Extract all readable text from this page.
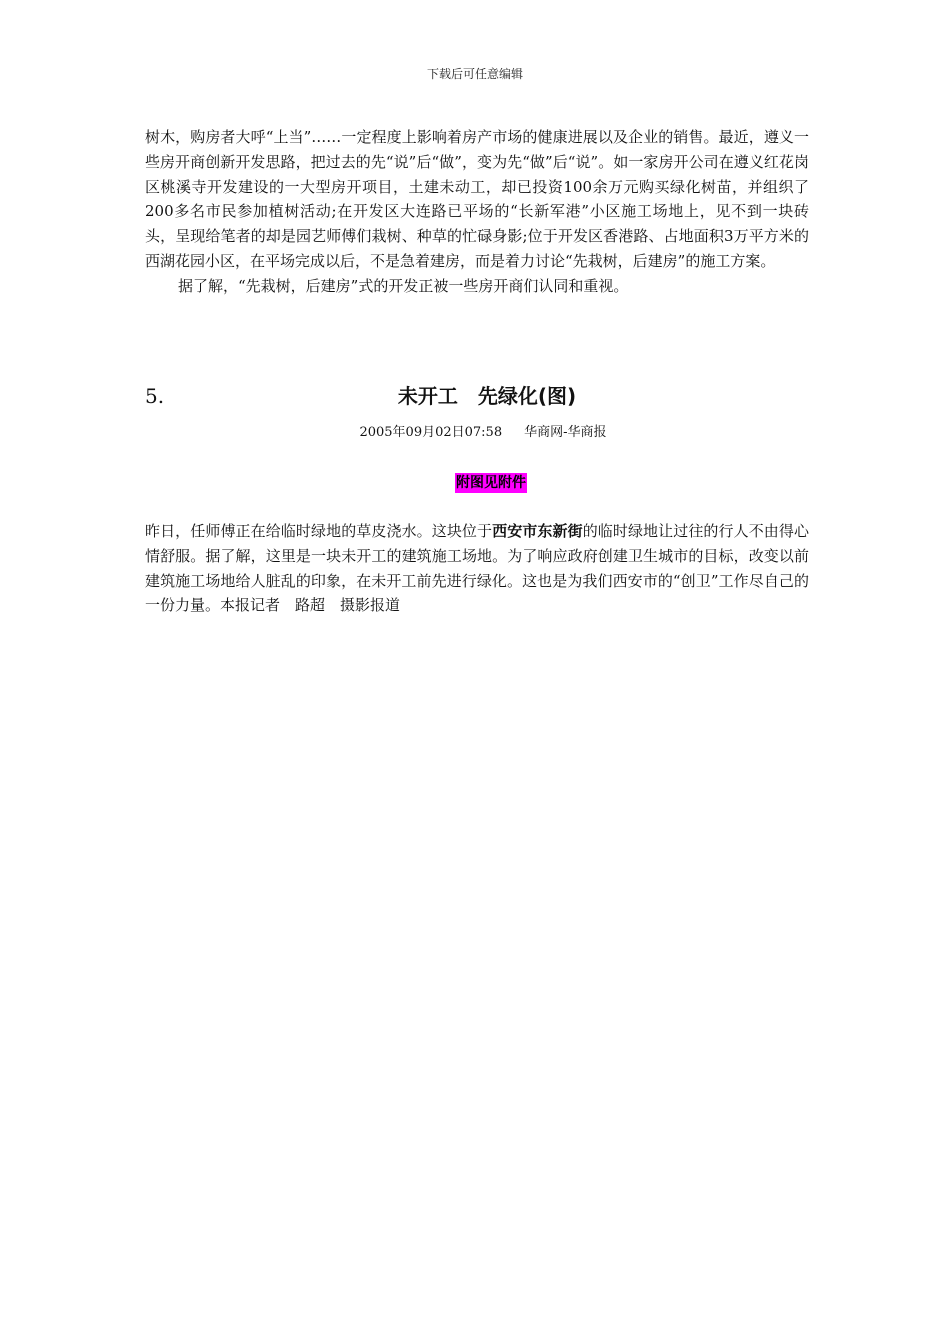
下载后可任意编辑

树木，购房者大呼“上当”……一定程度上影响着房产市场的健康进展以及企业的销售。最近，遵义一些房开商创新开发思路，把过去的先“说”后“做”，变为先“做”后“说”。如一家房开公司在遵义红花岗区桃溪寺开发建设的一大型房开项目，土建未动工，却已投资100余万元购买绿化树苗，并组织了200多名市民参加植树活动;在开发区大连路已平场的“长新军港”小区施工场地上，见不到一块砖头，呈现给笔者的却是园艺师傅们栽树、种草的忙碌身影;位于开发区香港路、占地面积3万平方米的西湖花园小区，在平场完成以后，不是急着建房，而是着力讨论“先栽树，后建房”的施工方案。

据了解，“先栽树，后建房”式的开发正被一些房开商们认同和重视。

5.	未开工　先绿化(图)
2005年09月02日07:58 华商网-华商报
附图见附件

昨日，任师傅正在给临时绿地的草皮浇水。这块位于西安市东新街的临时绿地让过往的行人不由得心情舒服。据了解，这里是一块未开工的建筑施工场地。为了响应政府创建卫生城市的目标，改变以前建筑施工场地给人脏乱的印象，在未开工前先进行绿化。这也是为我们西安市的“创卫”工作尽自己的一份力量。本报记者　路超　摄影报道
